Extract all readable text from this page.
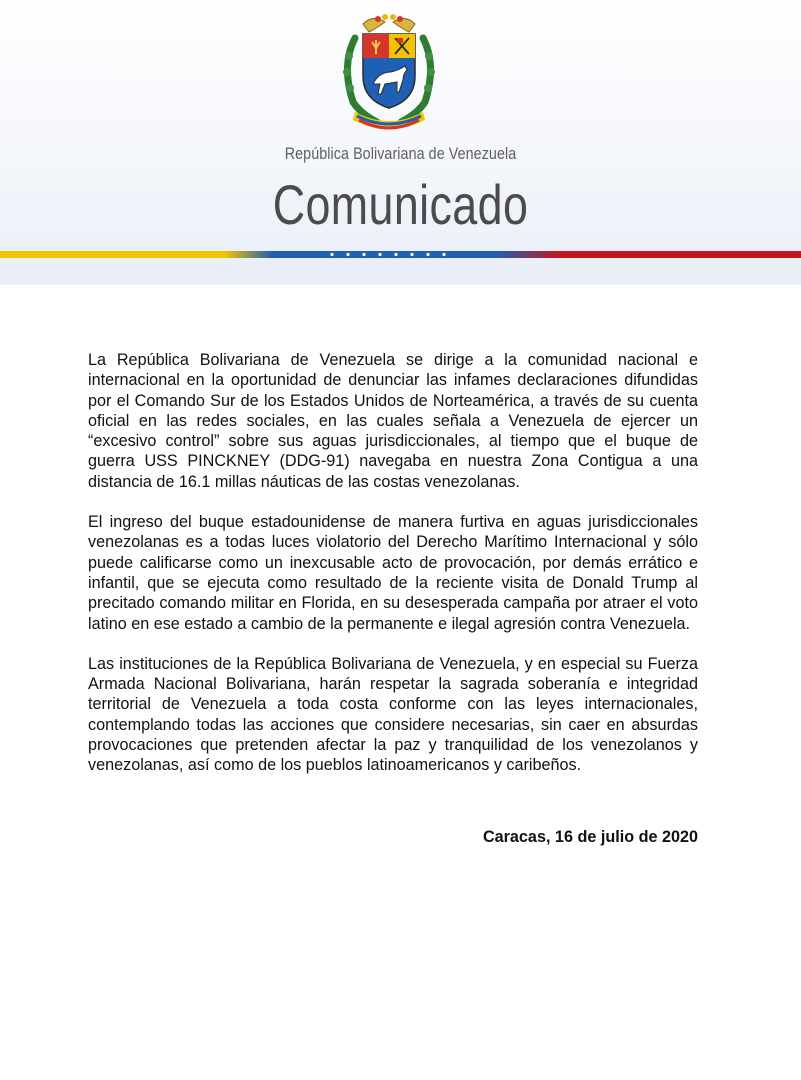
República Bolivariana de Venezuela
Comunicado

La República Bolivariana de Venezuela se dirige a la comunidad nacional e internacional en la oportunidad de denunciar las infames declaraciones difundidas por el Comando Sur de los Estados Unidos de Norteamérica, a través de su cuenta oficial en las redes sociales, en las cuales señala a Venezuela de ejercer un “excesivo control” sobre sus aguas jurisdiccionales, al tiempo que el buque de guerra USS PINCKNEY (DDG-91) navegaba en nuestra Zona Contigua a una distancia de 16.1 millas náuticas de las costas venezolanas.

El ingreso del buque estadounidense de manera furtiva en aguas jurisdiccionales venezolanas es a todas luces violatorio del Derecho Marítimo Internacional y sólo puede calificarse como un inexcusable acto de provocación, por demás errático e infantil, que se ejecuta como resultado de la reciente visita de Donald Trump al precitado comando militar en Florida, en su desesperada campaña por atraer el voto latino en ese estado a cambio de la permanente e ilegal agresión contra Venezuela.

Las instituciones de la República Bolivariana de Venezuela, y en especial su Fuerza Armada Nacional Bolivariana, harán respetar la sagrada soberanía e integridad territorial de Venezuela a toda costa conforme con las leyes internacionales, contemplando todas las acciones que considere necesarias, sin caer en absurdas provocaciones que pretenden afectar la paz y tranquilidad de los venezolanos y venezolanas, así como de los pueblos latinoamericanos y caribeños.

Caracas, 16 de julio de 2020
